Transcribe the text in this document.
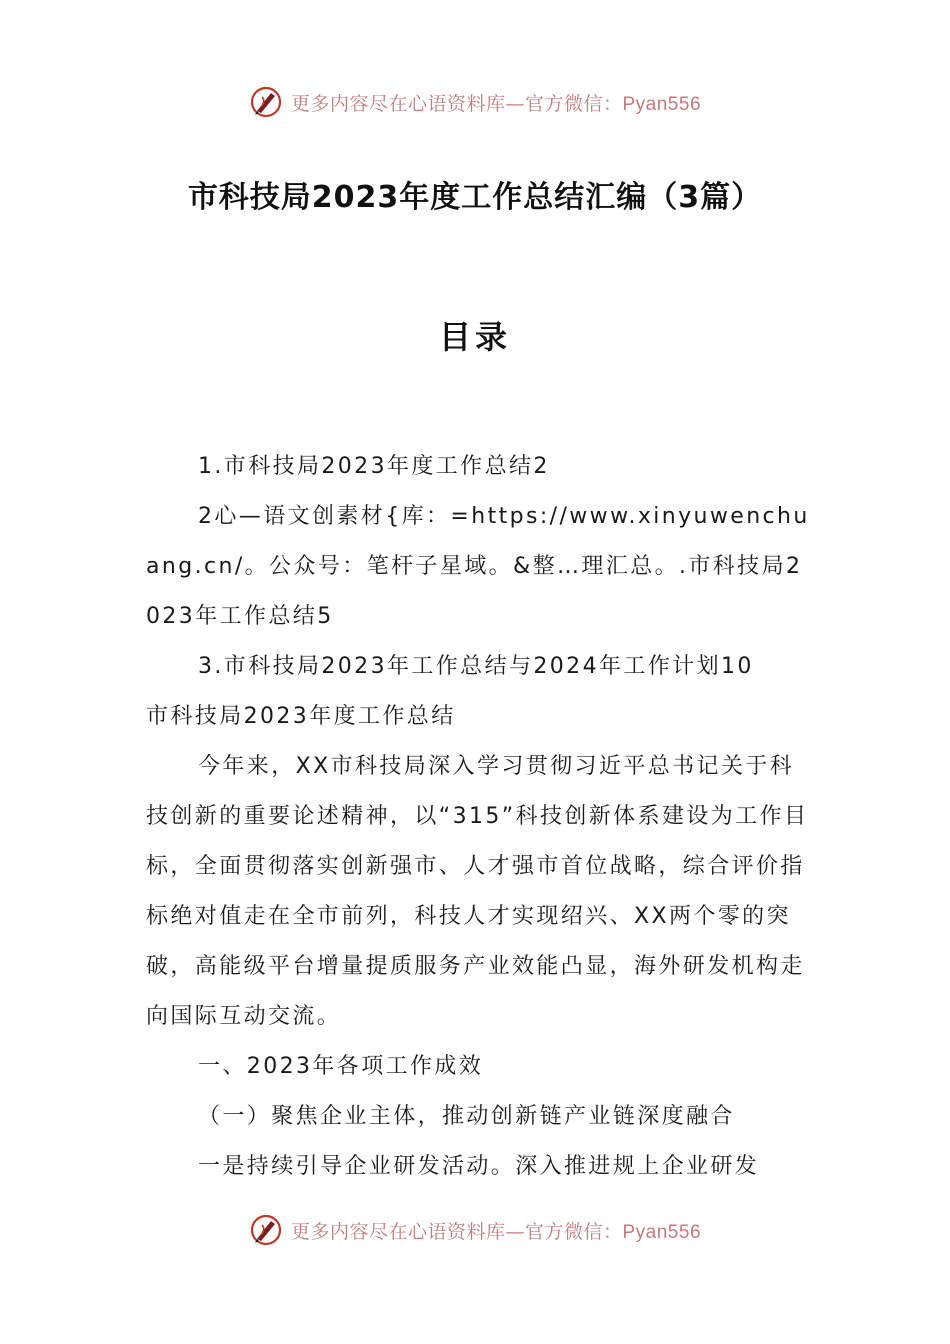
更多内容尽在心语资料库—官方微信：Pyan556
市科技局2023年度工作总结汇编（3篇）
目录

1.市科技局2023年度工作总结2

2心—语文创素材{库：=https://www.xinyuwenchuang.cn/。公众号：笔杆子星域。&整…理汇总。.市科技局2023年工作总结5

3.市科技局2023年工作总结与2024年工作计划10

市科技局2023年度工作总结

今年来，XX市科技局深入学习贯彻习近平总书记关于科技创新的重要论述精神，以“315”科技创新体系建设为工作目标，全面贯彻落实创新强市、人才强市首位战略，综合评价指标绝对值走在全市前列，科技人才实现绍兴、XX两个零的突破，高能级平台增量提质服务产业效能凸显，海外研发机构走向国际互动交流。

一、2023年各项工作成效

（一）聚焦企业主体，推动创新链产业链深度融合

一是持续引导企业研发活动。深入推进规上企业研发

更多内容尽在心语资料库—官方微信：Pyan556
